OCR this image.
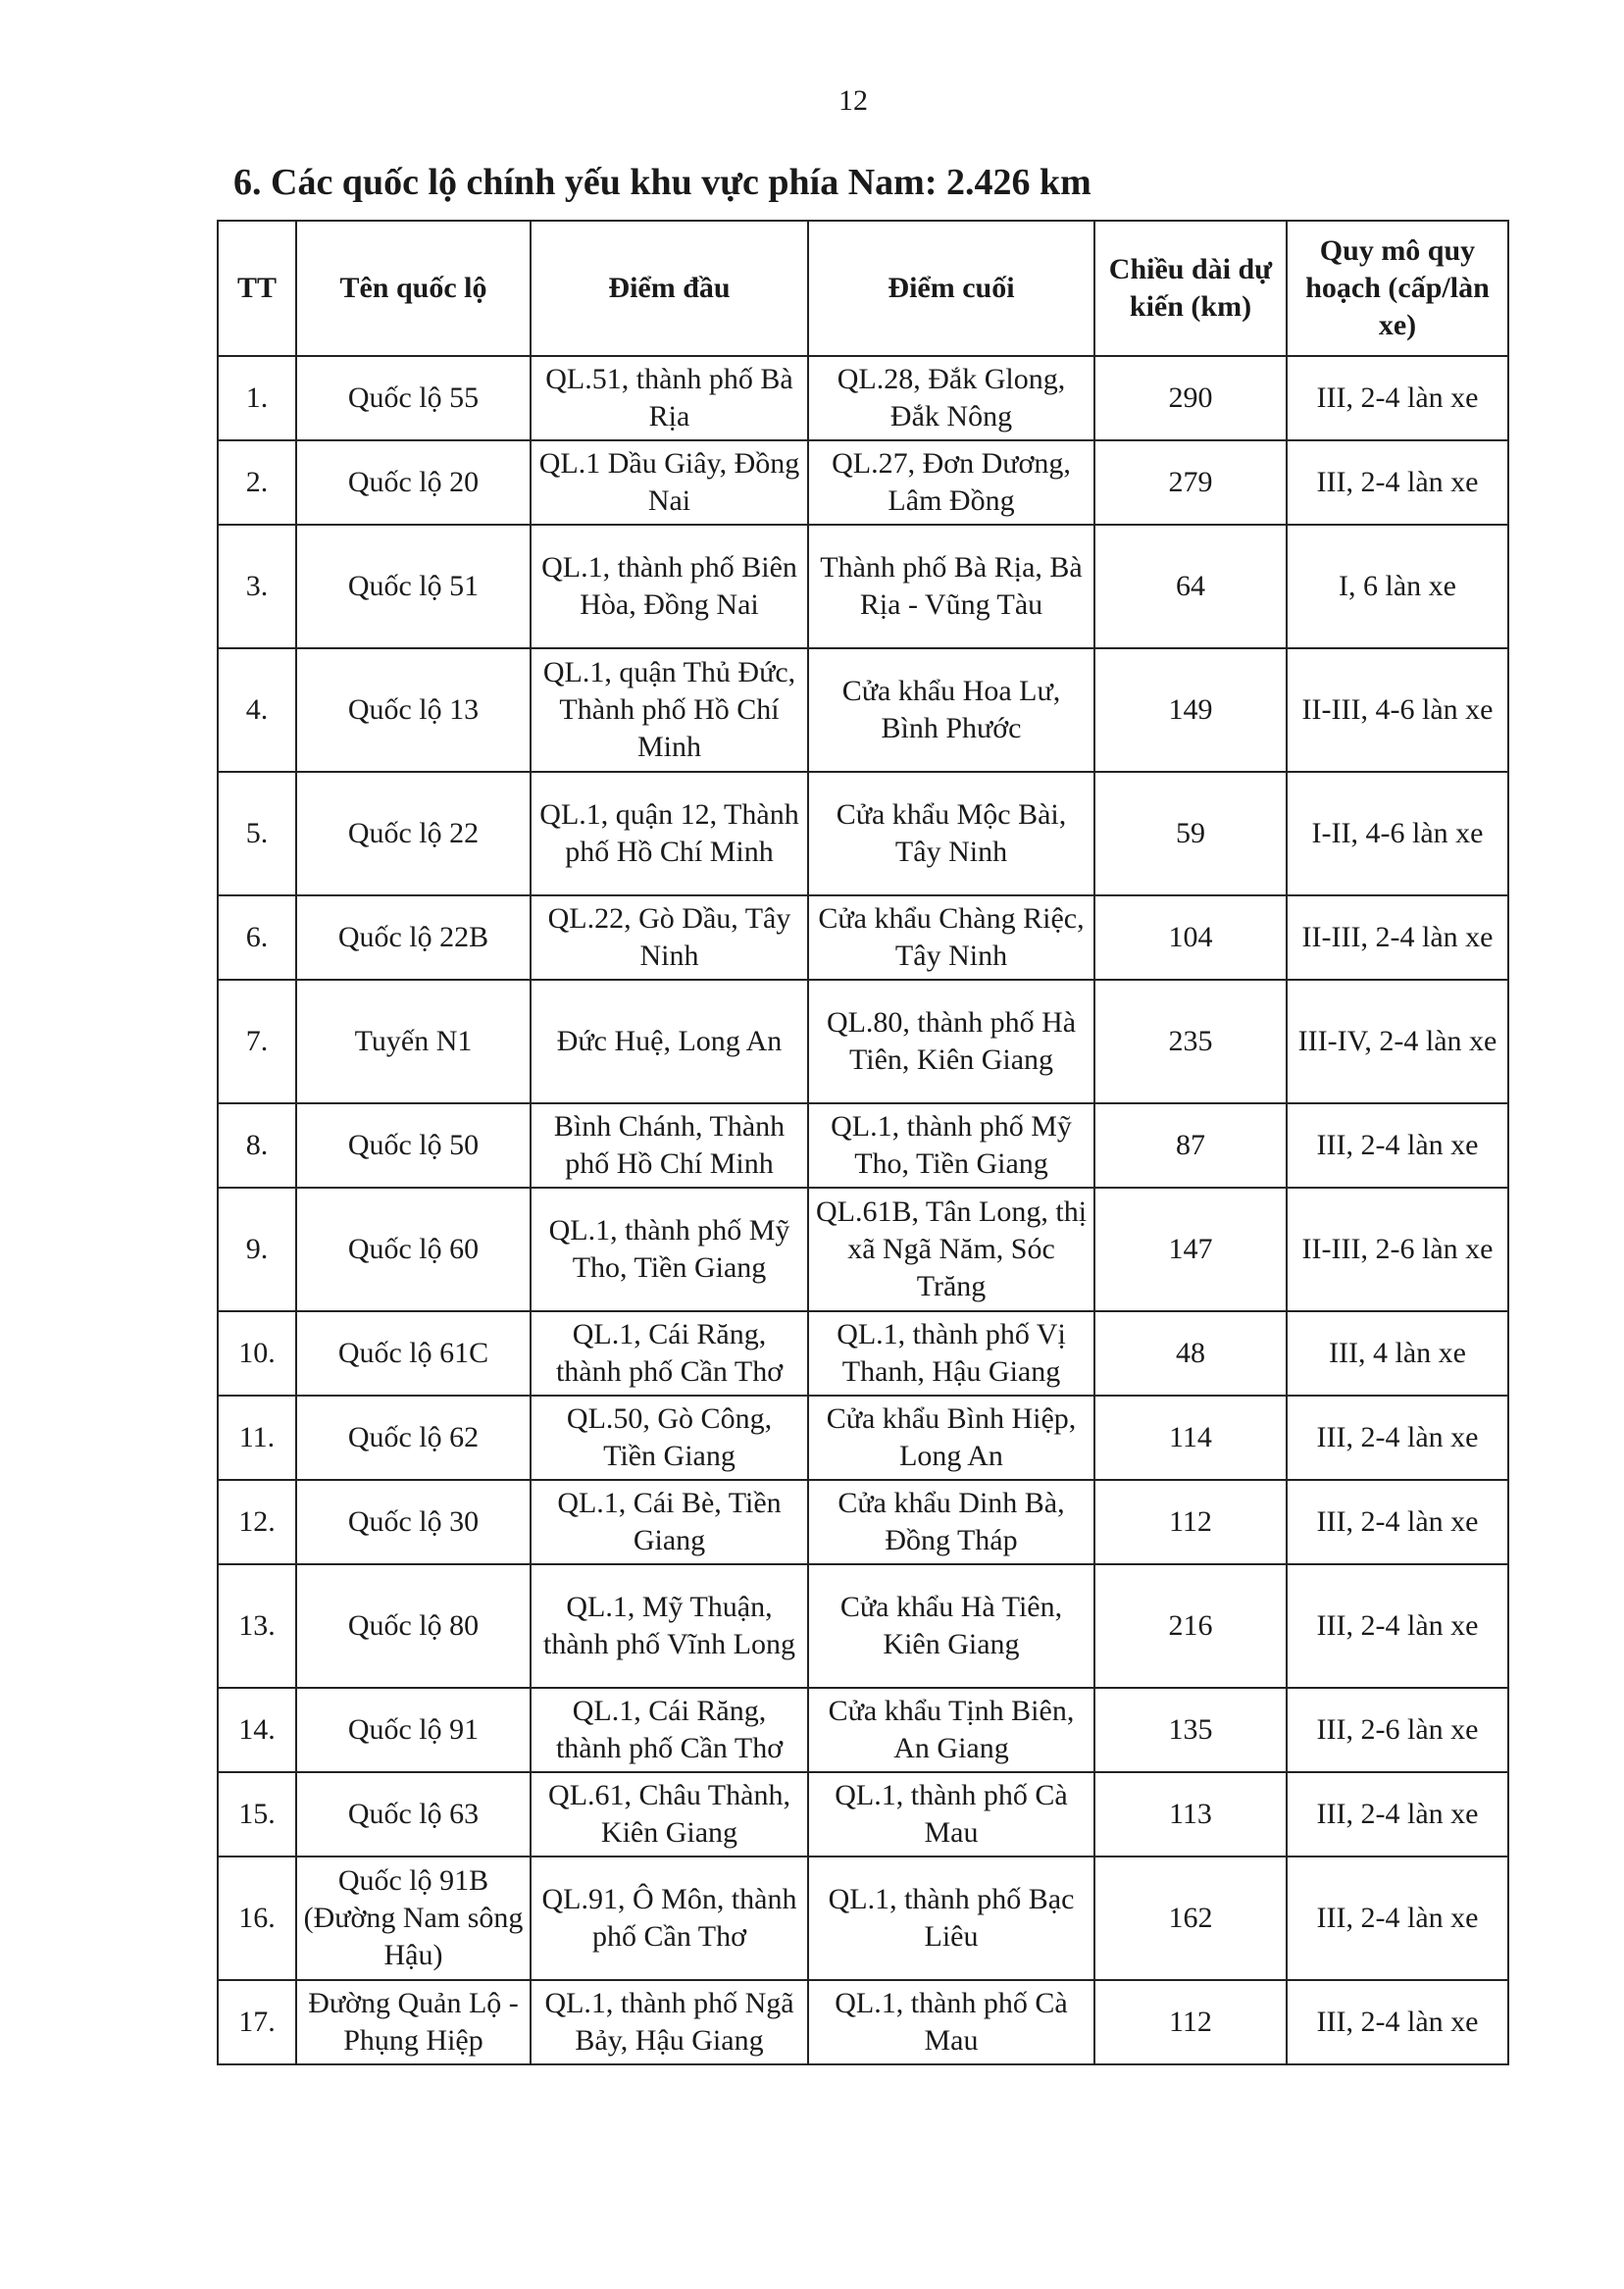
12
6. Các quốc lộ chính yếu khu vực phía Nam: 2.426 km
TT	Tên quốc lộ	Điểm đầu	Điểm cuối	Chiều dài dự kiến (km)	Quy mô quy hoạch (cấp/làn xe)
1.	Quốc lộ 55	QL.51, thành phố Bà Rịa	QL.28, Đắk Glong, Đắk Nông	290	III, 2-4 làn xe
2.	Quốc lộ 20	QL.1 Dầu Giây, Đồng Nai	QL.27, Đơn Dương, Lâm Đồng	279	III, 2-4 làn xe
3.	Quốc lộ 51	QL.1, thành phố Biên Hòa, Đồng Nai	Thành phố Bà Rịa, Bà Rịa - Vũng Tàu	64	I, 6 làn xe
4.	Quốc lộ 13	QL.1, quận Thủ Đức, Thành phố Hồ Chí Minh	Cửa khẩu Hoa Lư, Bình Phước	149	II-III, 4-6 làn xe
5.	Quốc lộ 22	QL.1, quận 12, Thành phố Hồ Chí Minh	Cửa khẩu Mộc Bài, Tây Ninh	59	I-II, 4-6 làn xe
6.	Quốc lộ 22B	QL.22, Gò Dầu, Tây Ninh	Cửa khẩu Chàng Riệc, Tây Ninh	104	II-III, 2-4 làn xe
7.	Tuyến N1	Đức Huệ, Long An	QL.80, thành phố Hà Tiên, Kiên Giang	235	III-IV, 2-4 làn xe
8.	Quốc lộ 50	Bình Chánh, Thành phố Hồ Chí Minh	QL.1, thành phố Mỹ Tho, Tiền Giang	87	III, 2-4 làn xe
9.	Quốc lộ 60	QL.1, thành phố Mỹ Tho, Tiền Giang	QL.61B, Tân Long, thị xã Ngã Năm, Sóc Trăng	147	II-III, 2-6 làn xe
10.	Quốc lộ 61C	QL.1, Cái Răng, thành phố Cần Thơ	QL.1, thành phố Vị Thanh, Hậu Giang	48	III, 4 làn xe
11.	Quốc lộ 62	QL.50, Gò Công, Tiền Giang	Cửa khẩu Bình Hiệp, Long An	114	III, 2-4 làn xe
12.	Quốc lộ 30	QL.1, Cái Bè, Tiền Giang	Cửa khẩu Dinh Bà, Đồng Tháp	112	III, 2-4 làn xe
13.	Quốc lộ 80	QL.1, Mỹ Thuận, thành phố Vĩnh Long	Cửa khẩu Hà Tiên, Kiên Giang	216	III, 2-4 làn xe
14.	Quốc lộ 91	QL.1, Cái Răng, thành phố Cần Thơ	Cửa khẩu Tịnh Biên, An Giang	135	III, 2-6 làn xe
15.	Quốc lộ 63	QL.61, Châu Thành, Kiên Giang	QL.1, thành phố Cà Mau	113	III, 2-4 làn xe
16.	Quốc lộ 91B (Đường Nam sông Hậu)	QL.91, Ô Môn, thành phố Cần Thơ	QL.1, thành phố Bạc Liêu	162	III, 2-4 làn xe
17.	Đường Quản Lộ - Phụng Hiệp	QL.1, thành phố Ngã Bảy, Hậu Giang	QL.1, thành phố Cà Mau	112	III, 2-4 làn xe
